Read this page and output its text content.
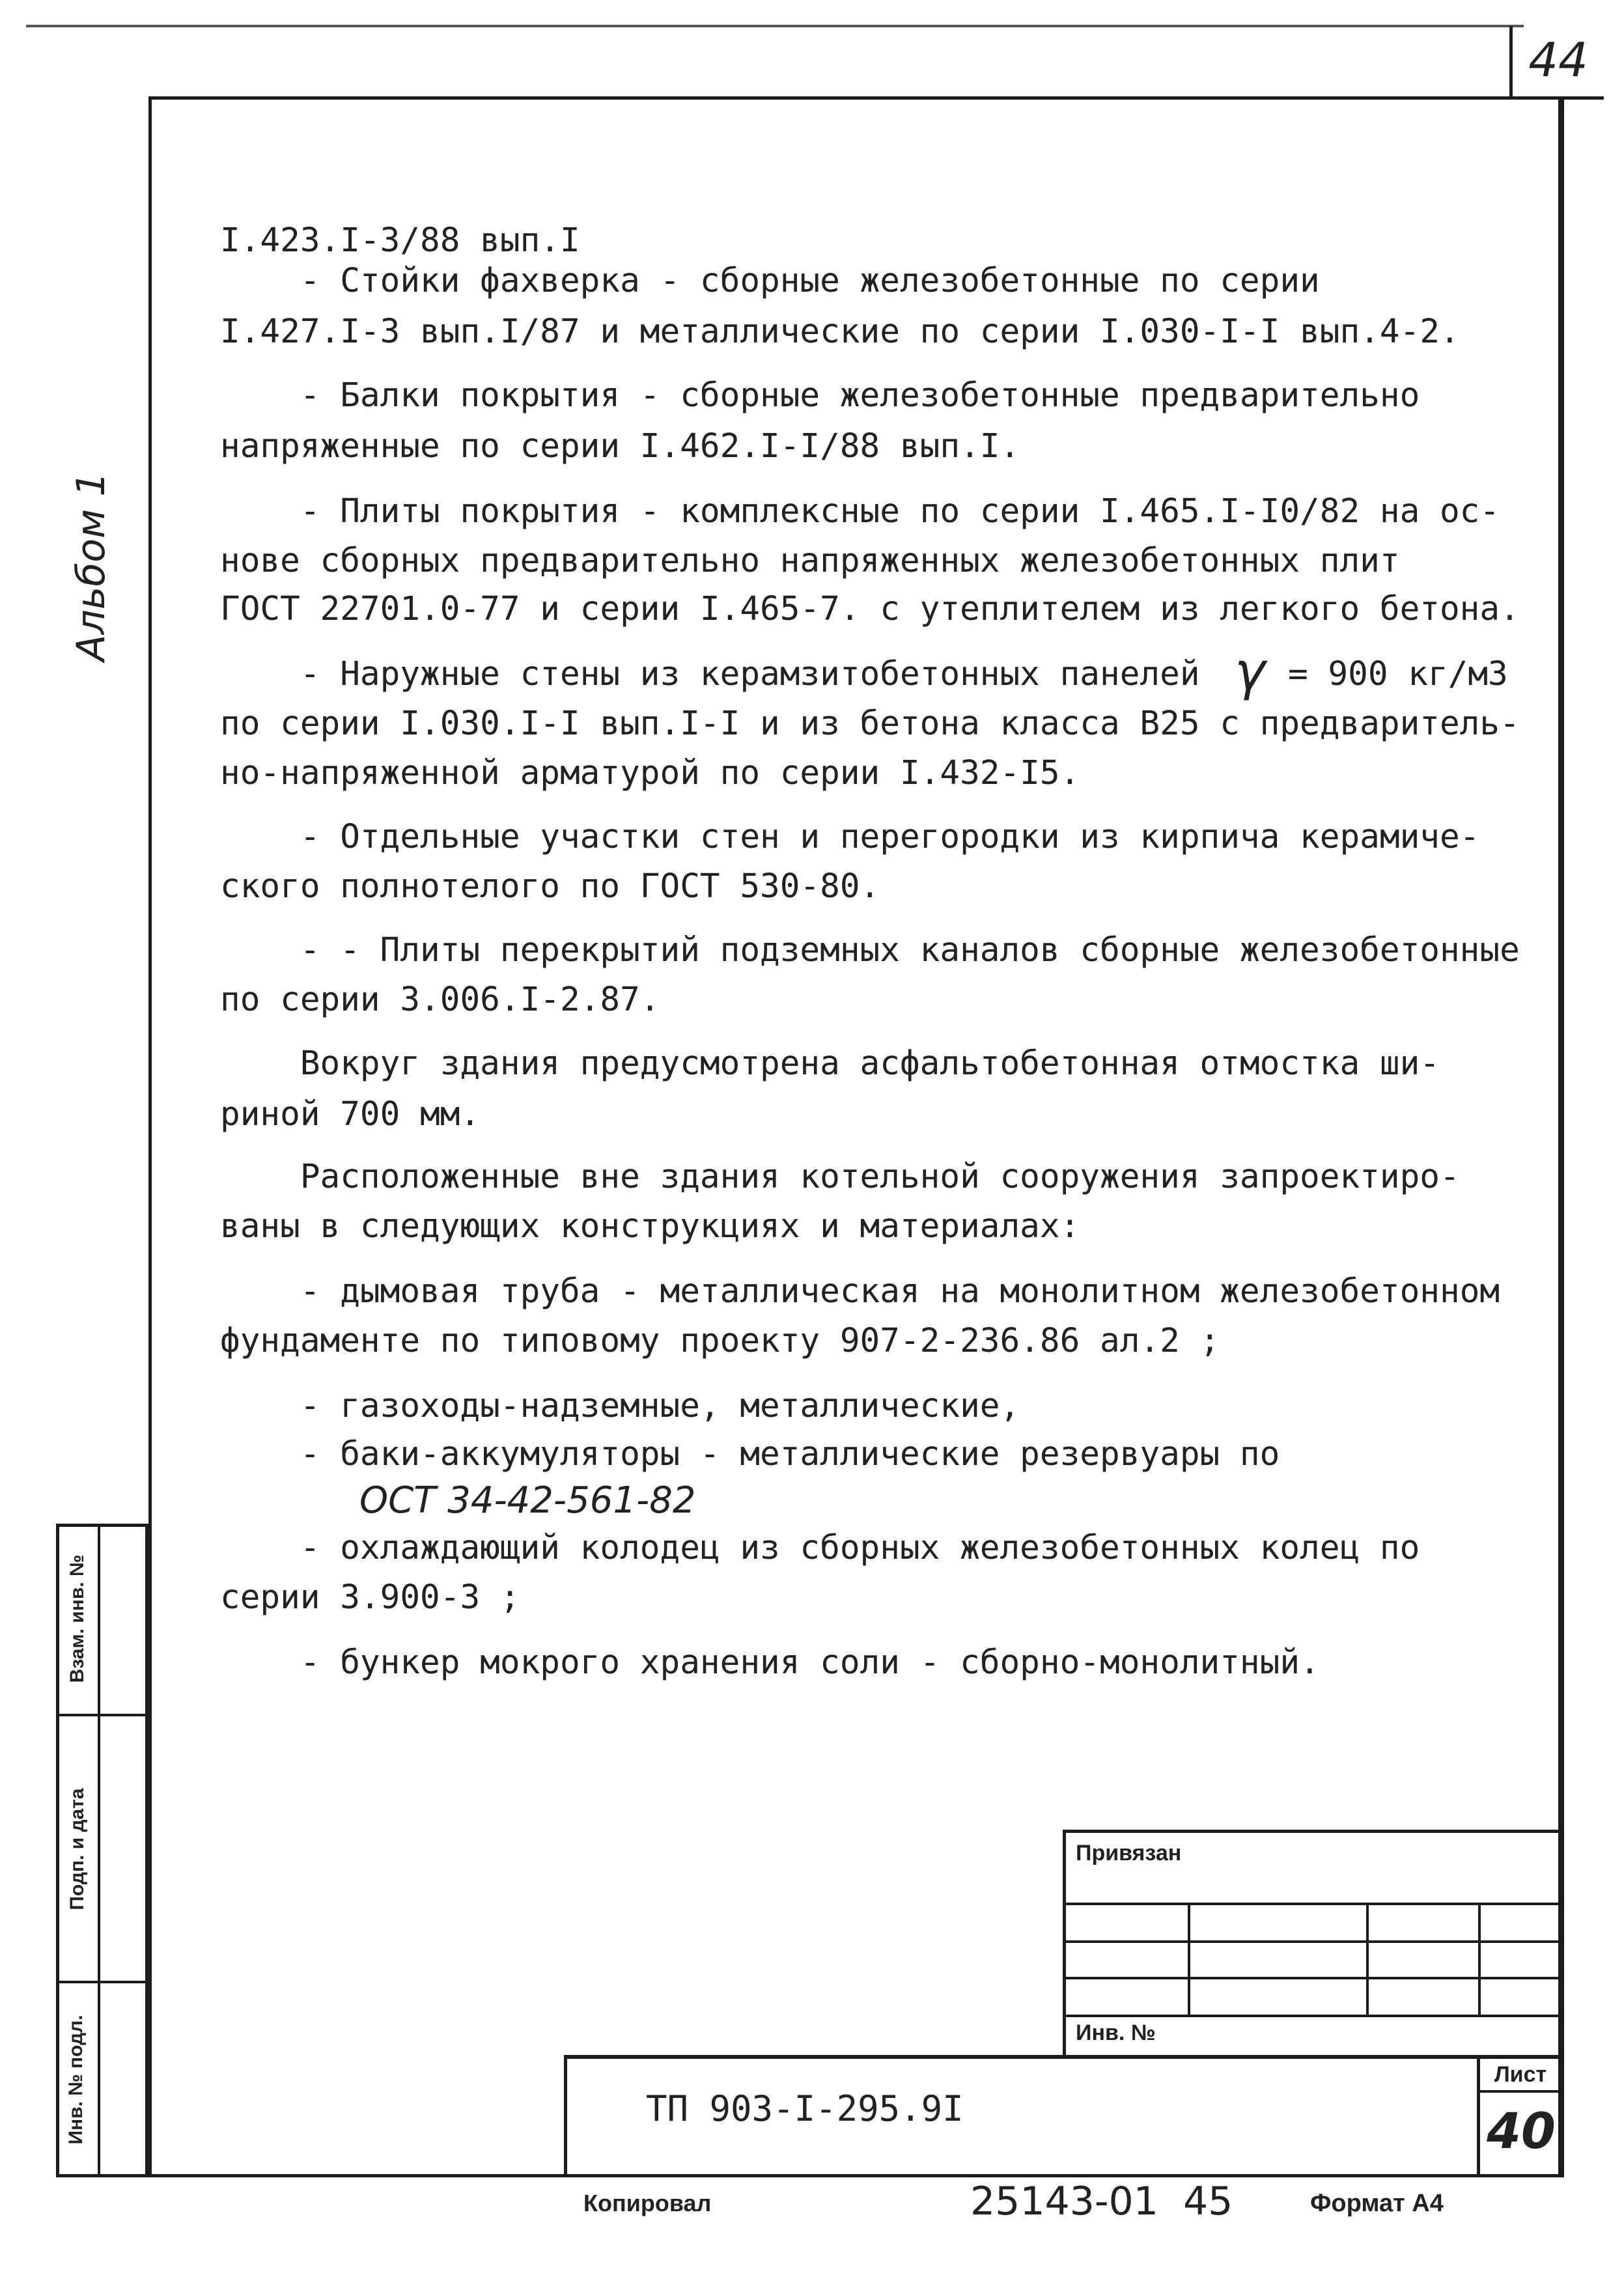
44
Альбом 1
Взам. инв. №
Подп. и дата
Инв. № подл.
I.423.I-3/88 вып.I
- Стойки фахверка - сборные железобетонные по серии
I.427.I-3 вып.I/87 и металлические по серии I.030-I-I вып.4-2.
- Балки покрытия - сборные железобетонные предварительно
напряженные по серии I.462.I-I/88 вып.I.
- Плиты покрытия - комплексные по серии I.465.I-I0/82 на ос-
нове сборных предварительно напряженных железобетонных плит
ГОСТ 22701.0-77 и серии I.465-7. с утеплителем из легкого бетона.
- Наружные стены из керамзитобетонных панелей γ = 900 кг/м3
по серии I.030.I-I вып.I-I и из бетона класса В25 с предваритель-
но-напряженной арматурой по серии I.432-I5.
- Отдельные участки стен и перегородки из кирпича керамиче-
ского полнотелого по ГОСТ 530-80.
- - Плиты перекрытий подземных каналов сборные железобетонные
по серии 3.006.I-2.87.
Вокруг здания предусмотрена асфальтобетонная отмостка ши-
риной 700 мм.
Расположенные вне здания котельной сооружения запроектиро-
ваны в следующих конструкциях и материалах:
- дымовая труба - металлическая на монолитном железобетонном
фундаменте по типовому проекту 907-2-236.86 ал.2 ;
- газоходы-надземные, металлические,
- баки-аккумуляторы - металлические резервуары по
ОСТ 34-42-561-82
- охлаждающий колодец из сборных железобетонных колец по
серии 3.900-3 ;
- бункер мокрого хранения соли - сборно-монолитный.
Привязан
Инв. №
ТП 903-I-295.9I
Лист
40
Копировал	25143-01  45	Формат А4
